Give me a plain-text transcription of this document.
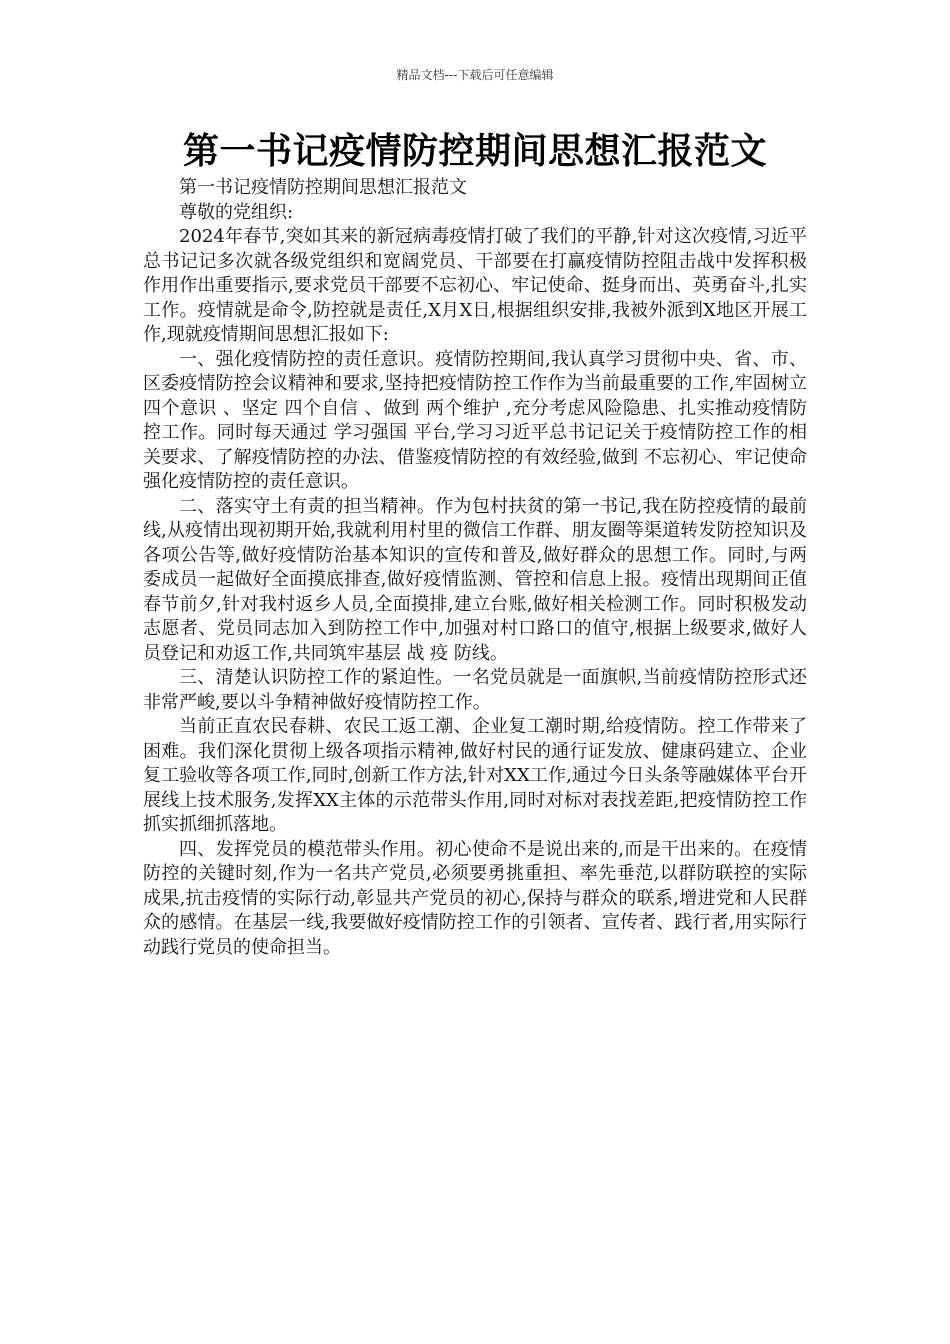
精品文档---下载后可任意编辑
第一书记疫情防控期间思想汇报范文

第一书记疫情防控期间思想汇报范文

尊敬的党组织:

2024年春节,突如其来的新冠病毒疫情打破了我们的平静,针对这次疫情,习近平总书记记多次就各级党组织和宽阔党员、干部要在打赢疫情防控阻击战中发挥积极作用作出重要指示,要求党员干部要不忘初心、牢记使命、挺身而出、英勇奋斗,扎实工作。疫情就是命令,防控就是责任,X月X日,根据组织安排,我被外派到X地区开展工作,现就疫情期间思想汇报如下:

一、强化疫情防控的责任意识。疫情防控期间,我认真学习贯彻中央、省、市、区委疫情防控会议精神和要求,坚持把疫情防控工作作为当前最重要的工作,牢固树立 四个意识 、坚定 四个自信 、做到 两个维护 ,充分考虑风险隐患、扎实推动疫情防控工作。同时每天通过 学习强国 平台,学习习近平总书记记关于疫情防控工作的相关要求、了解疫情防控的办法、借鉴疫情防控的有效经验,做到 不忘初心、牢记使命 强化疫情防控的责任意识。

二、落实守土有责的担当精神。作为包村扶贫的第一书记,我在防控疫情的最前线,从疫情出现初期开始,我就利用村里的微信工作群、朋友圈等渠道转发防控知识及各项公告等,做好疫情防治基本知识的宣传和普及,做好群众的思想工作。同时,与两委成员一起做好全面摸底排查,做好疫情监测、管控和信息上报。疫情出现期间正值春节前夕,针对我村返乡人员,全面摸排,建立台账,做好相关检测工作。同时积极发动志愿者、党员同志加入到防控工作中,加强对村口路口的值守,根据上级要求,做好人员登记和劝返工作,共同筑牢基层 战 疫 防线。

三、清楚认识防控工作的紧迫性。一名党员就是一面旗帜,当前疫情防控形式还非常严峻,要以斗争精神做好疫情防控工作。

当前正直农民春耕、农民工返工潮、企业复工潮时期,给疫情防。控工作带来了困难。我们深化贯彻上级各项指示精神,做好村民的通行证发放、健康码建立、企业复工验收等各项工作,同时,创新工作方法,针对XX工作,通过今日头条等融媒体平台开展线上技术服务,发挥XX主体的示范带头作用,同时对标对表找差距,把疫情防控工作抓实抓细抓落地。

四、发挥党员的模范带头作用。初心使命不是说出来的,而是干出来的。在疫情防控的关键时刻,作为一名共产党员,必须要勇挑重担、率先垂范,以群防联控的实际成果,抗击疫情的实际行动,彰显共产党员的初心,保持与群众的联系,增进党和人民群众的感情。在基层一线,我要做好疫情防控工作的引领者、宣传者、践行者,用实际行动践行党员的使命担当。
